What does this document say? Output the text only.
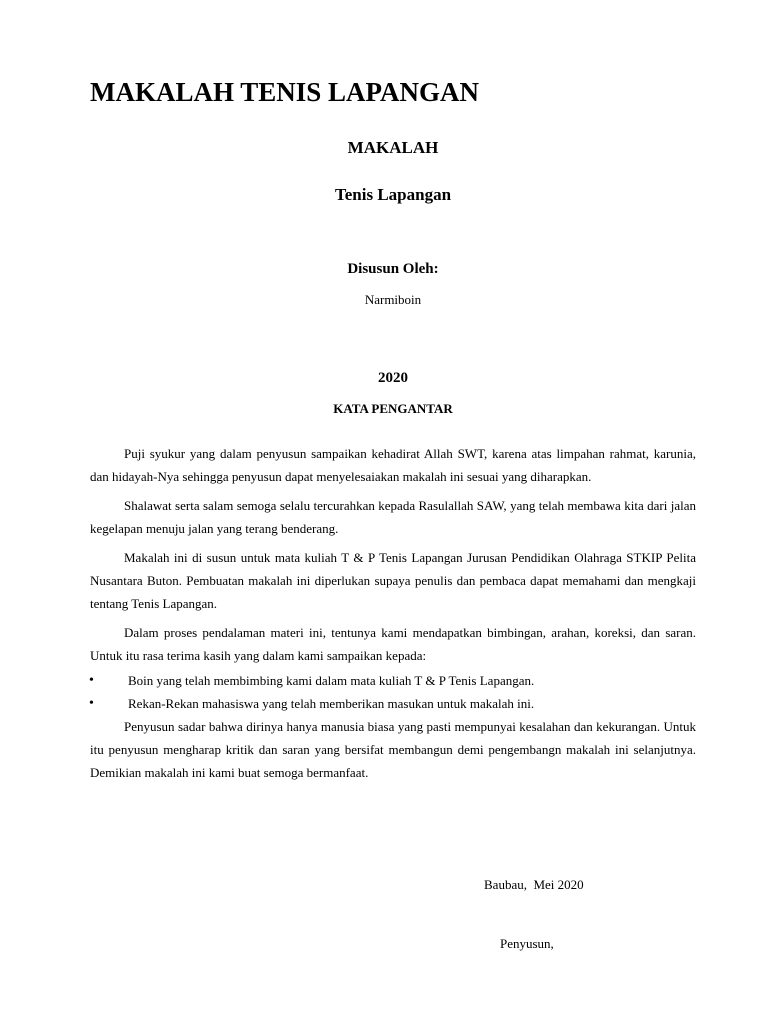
MAKALAH TENIS LAPANGAN
MAKALAH
Tenis Lapangan
Disusun Oleh:
Narmiboin
2020
KATA PENGANTAR

Puji syukur yang dalam penyusun sampaikan kehadirat Allah SWT, karena atas limpahan rahmat, karunia, dan hidayah-Nya sehingga penyusun dapat menyelesaiakan makalah ini sesuai yang diharapkan.

Shalawat serta salam semoga selalu tercurahkan kepada Rasulallah SAW, yang telah membawa kita dari jalan kegelapan menuju jalan yang terang benderang.

Makalah ini di susun untuk mata kuliah T & P Tenis Lapangan Jurusan Pendidikan Olahraga STKIP Pelita Nusantara Buton. Pembuatan makalah ini diperlukan supaya penulis dan pembaca dapat memahami dan mengkaji tentang Tenis Lapangan.

Dalam proses pendalaman materi ini, tentunya kami mendapatkan bimbingan, arahan, koreksi, dan saran. Untuk itu rasa terima kasih yang dalam kami sampaikan kepada:

•	Boin yang telah membimbing kami dalam mata kuliah T & P Tenis Lapangan.
•	Rekan-Rekan mahasiswa yang telah memberikan masukan untuk makalah ini.

Penyusun sadar bahwa dirinya hanya manusia biasa yang pasti mempunyai kesalahan dan kekurangan. Untuk itu penyusun mengharap kritik dan saran yang bersifat membangun demi pengembangn makalah ini selanjutnya. Demikian makalah ini kami buat semoga bermanfaat.

Baubau,  Mei 2020
Penyusun,
